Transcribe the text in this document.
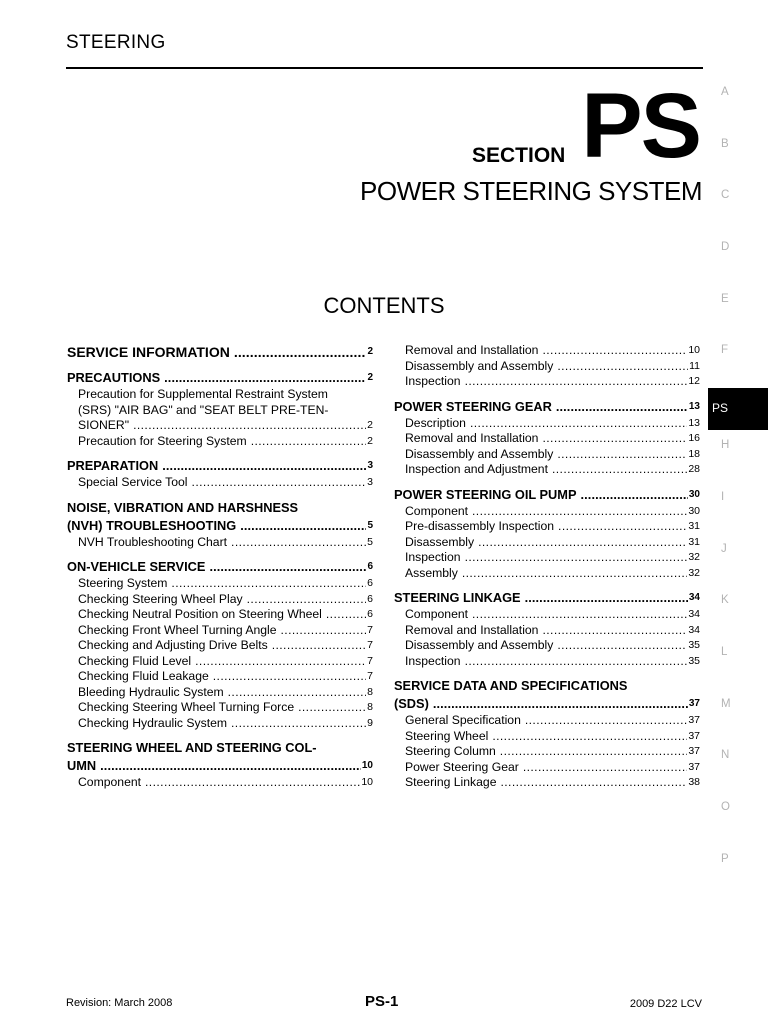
STEERING
SECTION PS
POWER STEERING SYSTEM
CONTENTS
SERVICE INFORMATION .....	2
PRECAUTIONS .....	2
Precaution for Supplemental Restraint System
(SRS) "AIR BAG" and "SEAT BELT PRE-TEN-
SIONER" .....	2
Precaution for Steering System .....	2
PREPARATION .....	3
Special Service Tool .....	3
NOISE, VIBRATION AND HARSHNESS
(NVH) TROUBLESHOOTING .....	5
NVH Troubleshooting Chart .....	5
ON-VEHICLE SERVICE .....	6
Steering System .....	6
Checking Steering Wheel Play .....	6
Checking Neutral Position on Steering Wheel .....	6
Checking Front Wheel Turning Angle .....	7
Checking and Adjusting Drive Belts .....	7
Checking Fluid Level .....	7
Checking Fluid Leakage .....	7
Bleeding Hydraulic System .....	8
Checking Steering Wheel Turning Force .....	8
Checking Hydraulic System .....	9
STEERING WHEEL AND STEERING COL-
UMN .....	10
Component .....	10
Removal and Installation .....	10
Disassembly and Assembly .....	11
Inspection .....	12
POWER STEERING GEAR .....	13
Description .....	13
Removal and Installation .....	16
Disassembly and Assembly .....	18
Inspection and Adjustment .....	28
POWER STEERING OIL PUMP .....	30
Component .....	30
Pre-disassembly Inspection .....	31
Disassembly .....	31
Inspection .....	32
Assembly .....	32
STEERING LINKAGE .....	34
Component .....	34
Removal and Installation .....	34
Disassembly and Assembly .....	35
Inspection .....	35
SERVICE DATA AND SPECIFICATIONS
(SDS) .....	37
General Specification .....	37
Steering Wheel .....	37
Steering Column .....	37
Power Steering Gear .....	37
Steering Linkage .....	38
A
B
C
D
E
F
PS
H
I
J
K
L
M
N
O
P
Revision: March 2008	PS-1	2009 D22 LCV
